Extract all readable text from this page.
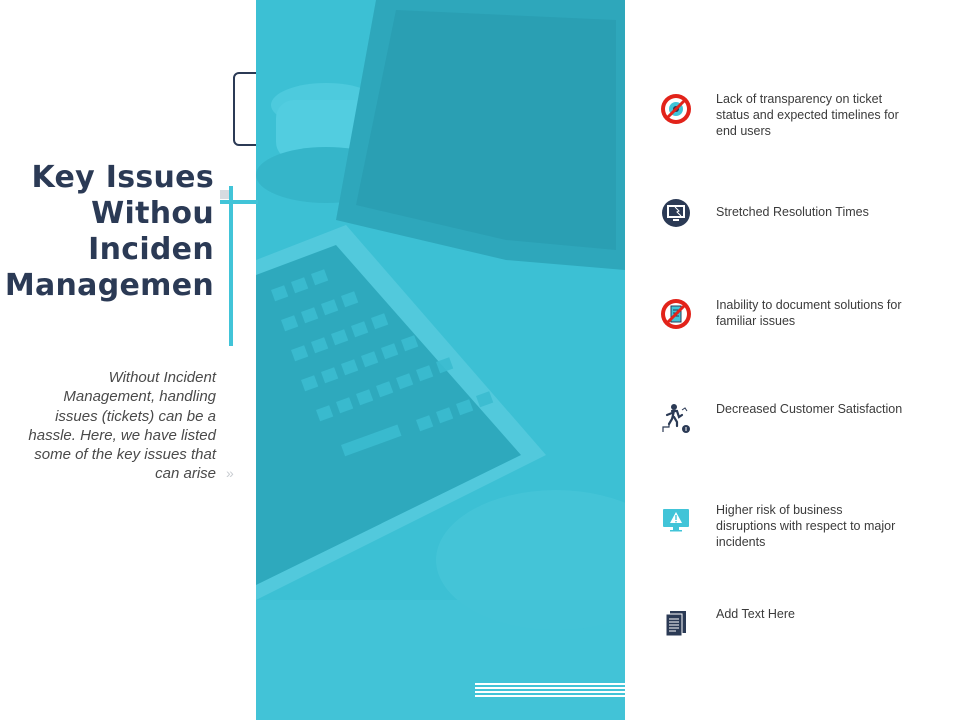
Key Issues
Withou
Inciden
Managemen
Without Incident Management, handling issues (tickets) can be a hassle. Here, we have listed some of the key issues that can arise »
Lack of transparency on ticket status and expected timelines for end users
Stretched Resolution Times
Inability to document solutions for familiar issues
Decreased Customer Satisfaction
Higher risk of business disruptions with respect to major incidents
Add Text Here
